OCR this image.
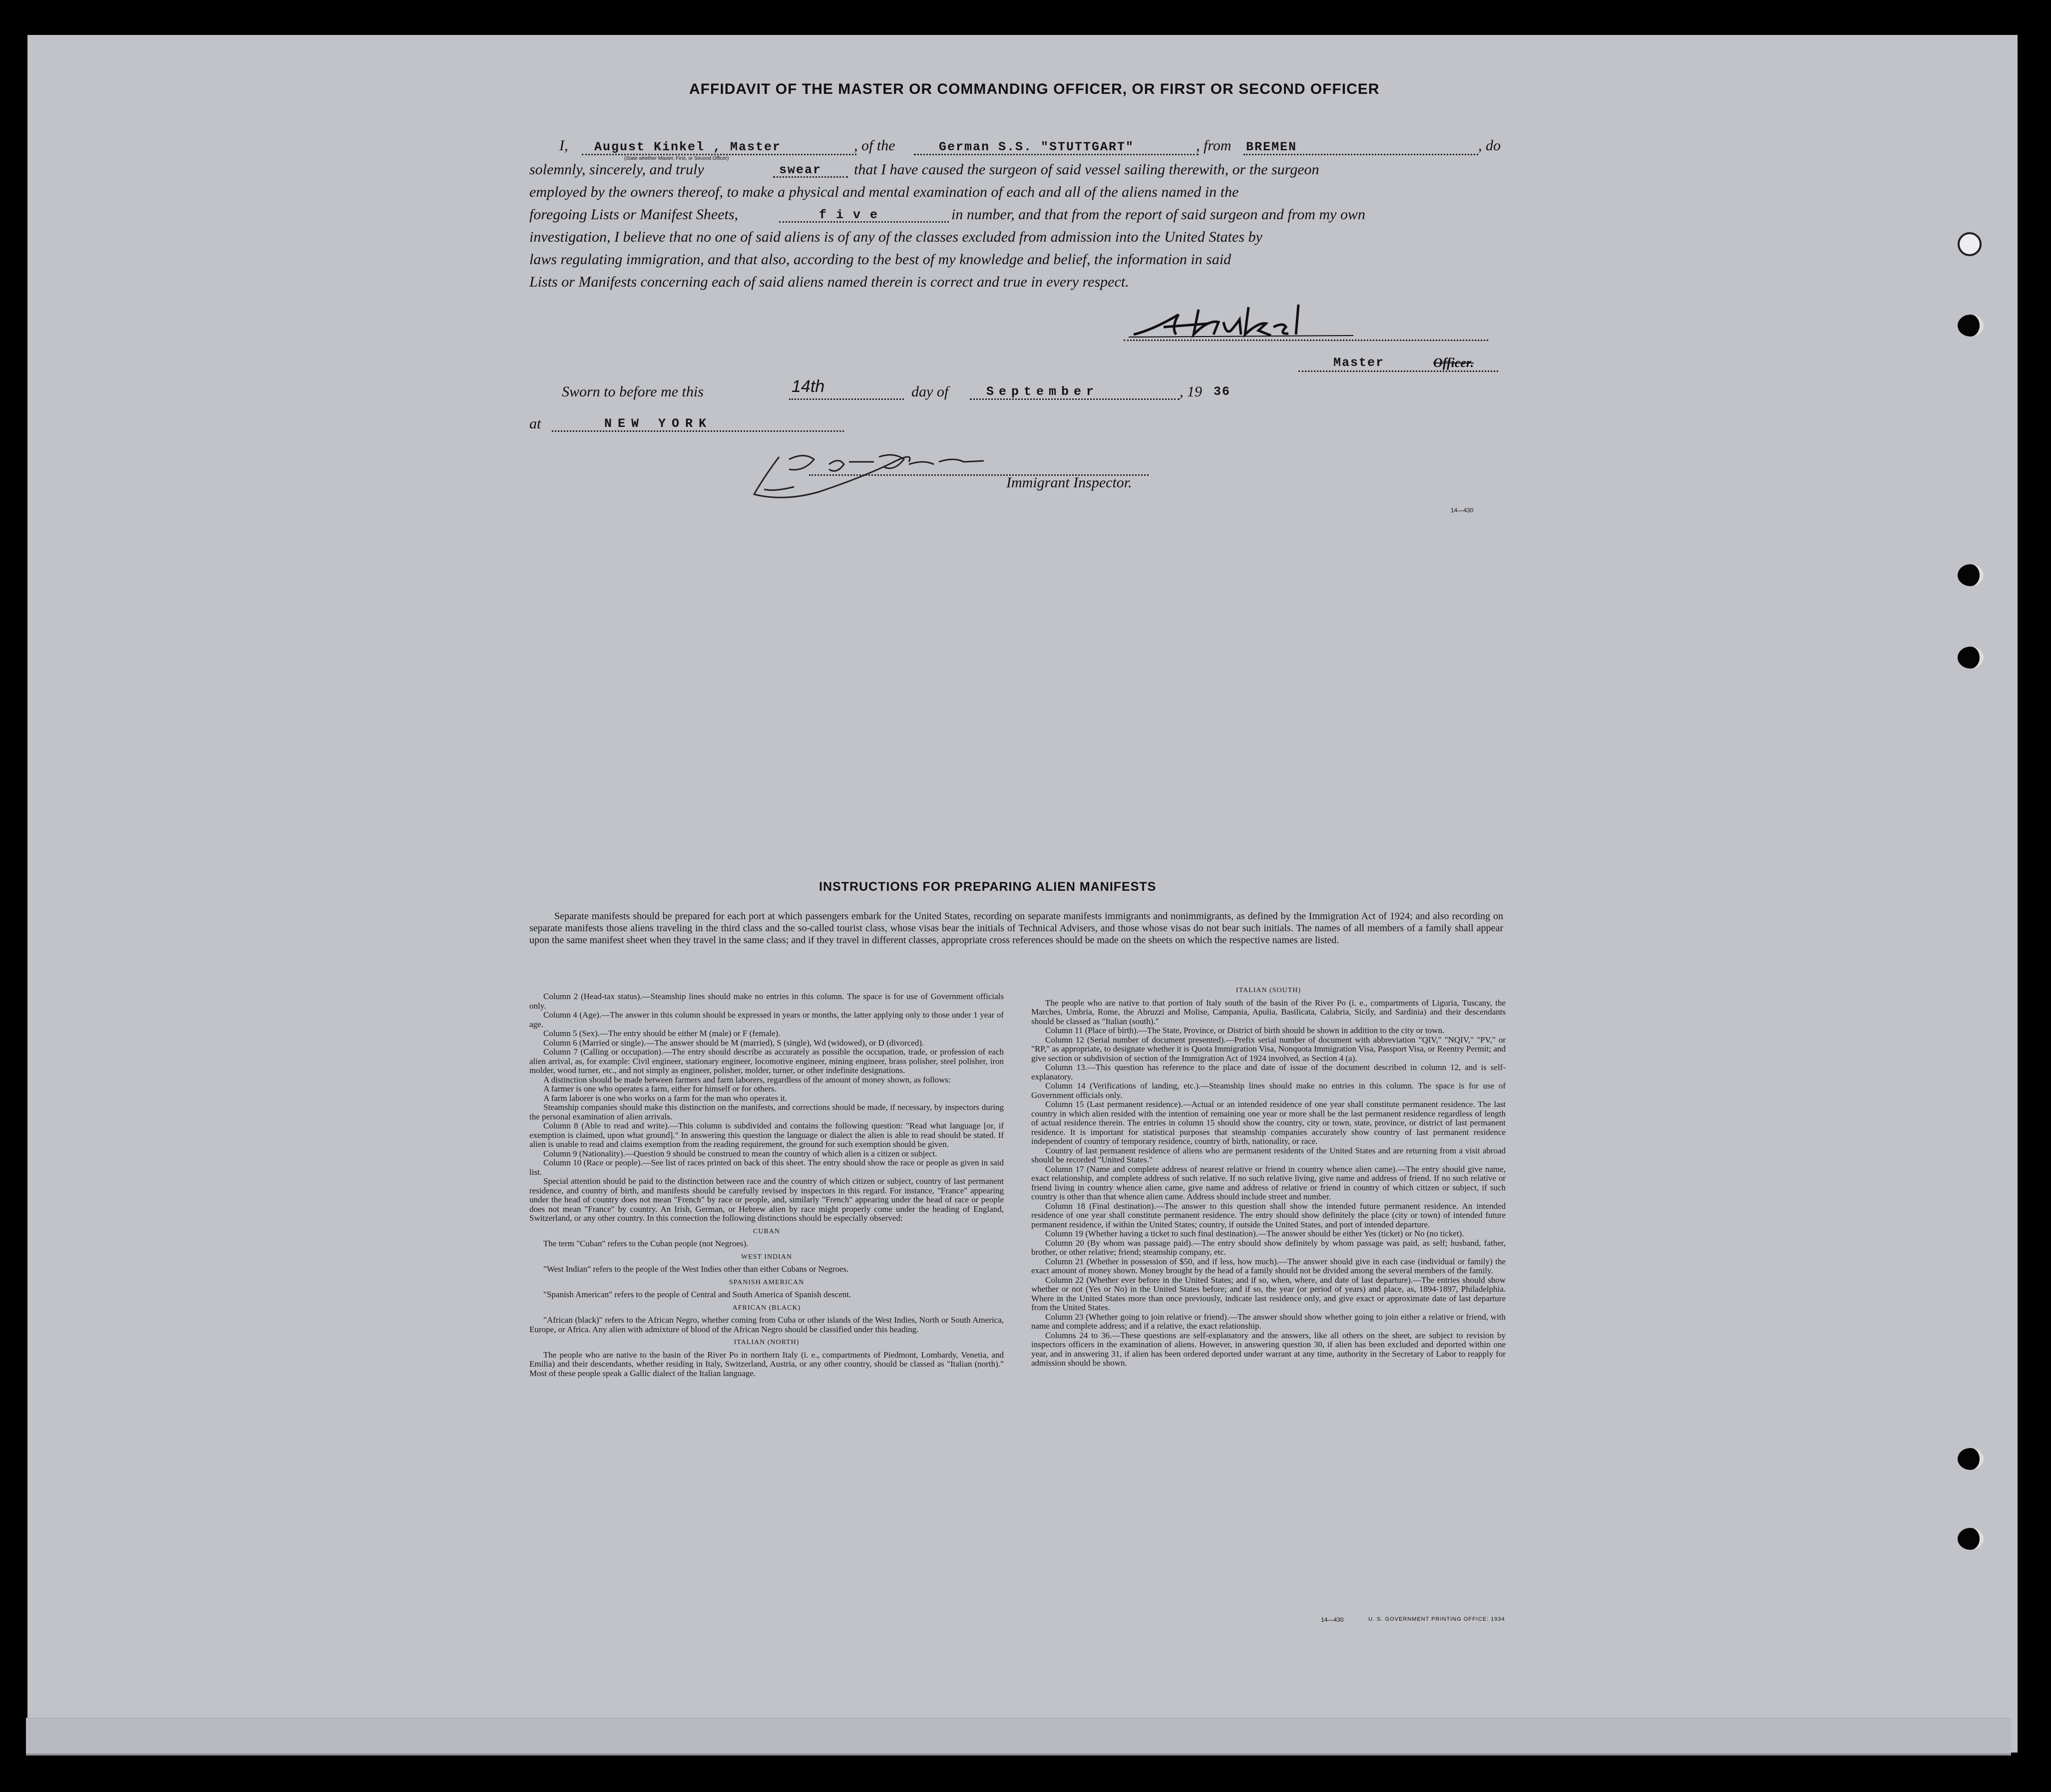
AFFIDAVIT OF THE MASTER OR COMMANDING OFFICER, OR FIRST OR SECOND OFFICER
I, August Kinkel , Master
(State whether Master, First, or Second Officer)
, of the	German S.S. "STUTTGART"	, from BREMEN	, do
solemnly, sincerely, and truly	swear that I have caused the surgeon of said vessel sailing therewith, or the surgeon
employed by the owners thereof, to make a physical and mental examination of each and all of the aliens named in the
foregoing Lists or Manifest Sheets,	f i v e	in number, and that from the report of said surgeon and from my own
investigation, I believe that no one of said aliens is of any of the classes excluded from admission into the United States by
laws regulating immigration, and that also, according to the best of my knowledge and belief, the information in said
Lists or Manifests concerning each of said aliens named therein is correct and true in every respect.
Master	Officer.
Sworn to before me this	14th	day of	September	, 19 36
at	NEW YORK
Immigrant Inspector.
14—430
INSTRUCTIONS FOR PREPARING ALIEN MANIFESTS
Separate manifests should be prepared for each port at which passengers embark for the United States, recording on separate manifests immigrants and nonimmigrants, as defined by the Immigration Act of 1924; and also recording on separate manifests those aliens traveling in the third class and the so-called tourist class, whose visas bear the initials of Technical Advisers, and those whose visas do not bear such initials. The names of all members of a family shall appear upon the same manifest sheet when they travel in the same class; and if they travel in different classes, appropriate cross references should be made on the sheets on which the respective names are listed.

Column 2 (Head-tax status).—Steamship lines should make no entries in this column. The space is for use of Government officials only.

Column 4 (Age).—The answer in this column should be expressed in years or months, the latter applying only to those under 1 year of age.

Column 5 (Sex).—The entry should be either M (male) or F (female).

Column 6 (Married or single).—The answer should be M (married), S (single), Wd (widowed), or D (divorced).

Column 7 (Calling or occupation).—The entry should describe as accurately as possible the occupation, trade, or profession of each alien arrival, as, for example: Civil engineer, stationary engineer, locomotive engineer, mining engineer, brass polisher, steel polisher, iron molder, wood turner, etc., and not simply as engineer, polisher, molder, turner, or other indefinite designations.

A distinction should be made between farmers and farm laborers, regardless of the amount of money shown, as follows:

A farmer is one who operates a farm, either for himself or for others.

A farm laborer is one who works on a farm for the man who operates it.

Steamship companies should make this distinction on the manifests, and corrections should be made, if necessary, by inspectors during the personal examination of alien arrivals.

Column 8 (Able to read and write).—This column is subdivided and contains the following question: "Read what language [or, if exemption is claimed, upon what ground]." In answering this question the language or dialect the alien is able to read should be stated. If alien is unable to read and claims exemption from the reading requirement, the ground for such exemption should be given.

Column 9 (Nationality).—Question 9 should be construed to mean the country of which alien is a citizen or subject.

Column 10 (Race or people).—See list of races printed on back of this sheet. The entry should show the race or people as given in said list.

Special attention should be paid to the distinction between race and the country of which citizen or subject, country of last permanent residence, and country of birth, and manifests should be carefully revised by inspectors in this regard. For instance, "France" appearing under the head of country does not mean "French" by race or people, and, similarly "French" appearing under the head of race or people does not mean "France" by country. An Irish, German, or Hebrew alien by race might properly come under the heading of England, Switzerland, or any other country. In this connection the following distinctions should be especially observed:

CUBAN

The term "Cuban" refers to the Cuban people (not Negroes).

WEST INDIAN

"West Indian" refers to the people of the West Indies other than either Cubans or Negroes.

SPANISH AMERICAN

"Spanish American" refers to the people of Central and South America of Spanish descent.

AFRICAN (BLACK)

"African (black)" refers to the African Negro, whether coming from Cuba or other islands of the West Indies, North or South America, Europe, or Africa. Any alien with admixture of blood of the African Negro should be classified under this heading.

ITALIAN (NORTH)

The people who are native to the basin of the River Po in northern Italy (i. e., compartments of Piedmont, Lombardy, Venetia, and Emilia) and their descendants, whether residing in Italy, Switzerland, Austria, or any other country, should be classed as "Italian (north)." Most of these people speak a Gallic dialect of the Italian language.

ITALIAN (SOUTH)

The people who are native to that portion of Italy south of the basin of the River Po (i. e., compartments of Liguria, Tuscany, the Marches, Umbria, Rome, the Abruzzi and Molise, Campania, Apulia, Basilicata, Calabria, Sicily, and Sardinia) and their descendants should be classed as "Italian (south)."

Column 11 (Place of birth).—The State, Province, or District of birth should be shown in addition to the city or town.

Column 12 (Serial number of document presented).—Prefix serial number of document with abbreviation "QIV," "NQIV," "PV," or "RP," as appropriate, to designate whether it is Quota Immigration Visa, Nonquota Immigration Visa, Passport Visa, or Reentry Permit; and give section or subdivision of section of the Immigration Act of 1924 involved, as Section 4 (a).

Column 13.—This question has reference to the place and date of issue of the document described in column 12, and is self-explanatory.

Column 14 (Verifications of landing, etc.).—Steamship lines should make no entries in this column. The space is for use of Government officials only.

Column 15 (Last permanent residence).—Actual or an intended residence of one year shall constitute permanent residence. The last country in which alien resided with the intention of remaining one year or more shall be the last permanent residence regardless of length of actual residence therein. The entries in column 15 should show the country, city or town, state, province, or district of last permanent residence. It is important for statistical purposes that steamship companies accurately show country of last permanent residence independent of country of temporary residence, country of birth, nationality, or race.

Country of last permanent residence of aliens who are permanent residents of the United States and are returning from a visit abroad should be recorded "United States."

Column 17 (Name and complete address of nearest relative or friend in country whence alien came).—The entry should give name, exact relationship, and complete address of such relative. If no such relative living, give name and address of friend. If no such relative or friend living in country whence alien came, give name and address of relative or friend in country of which citizen or subject, if such country is other than that whence alien came. Address should include street and number.

Column 18 (Final destination).—The answer to this question shall show the intended future permanent residence. An intended residence of one year shall constitute permanent residence. The entry should show definitely the place (city or town) of intended future permanent residence, if within the United States; country, if outside the United States, and port of intended departure.

Column 19 (Whether having a ticket to such final destination).—The answer should be either Yes (ticket) or No (no ticket).

Column 20 (By whom was passage paid).—The entry should show definitely by whom passage was paid, as self; husband, father, brother, or other relative; friend; steamship company, etc.

Column 21 (Whether in possession of $50, and if less, how much).—The answer should give in each case (individual or family) the exact amount of money shown. Money brought by the head of a family should not be divided among the several members of the family.

Column 22 (Whether ever before in the United States; and if so, when, where, and date of last departure).—The entries should show whether or not (Yes or No) in the United States before; and if so, the year (or period of years) and place, as, 1894-1897, Philadelphia. Where in the United States more than once previously, indicate last residence only, and give exact or approximate date of last departure from the United States.

Column 23 (Whether going to join relative or friend).—The answer should show whether going to join either a relative or friend, with name and complete address; and if a relative, the exact relationship.

Columns 24 to 36.—These questions are self-explanatory and the answers, like all others on the sheet, are subject to revision by inspectors officers in the examination of aliens. However, in answering question 30, if alien has been excluded and deported within one year, and in answering 31, if alien has been ordered deported under warrant at any time, authority in the Secretary of Labor to reapply for admission should be shown.

14—430	U. S. GOVERNMENT PRINTING OFFICE: 1934
